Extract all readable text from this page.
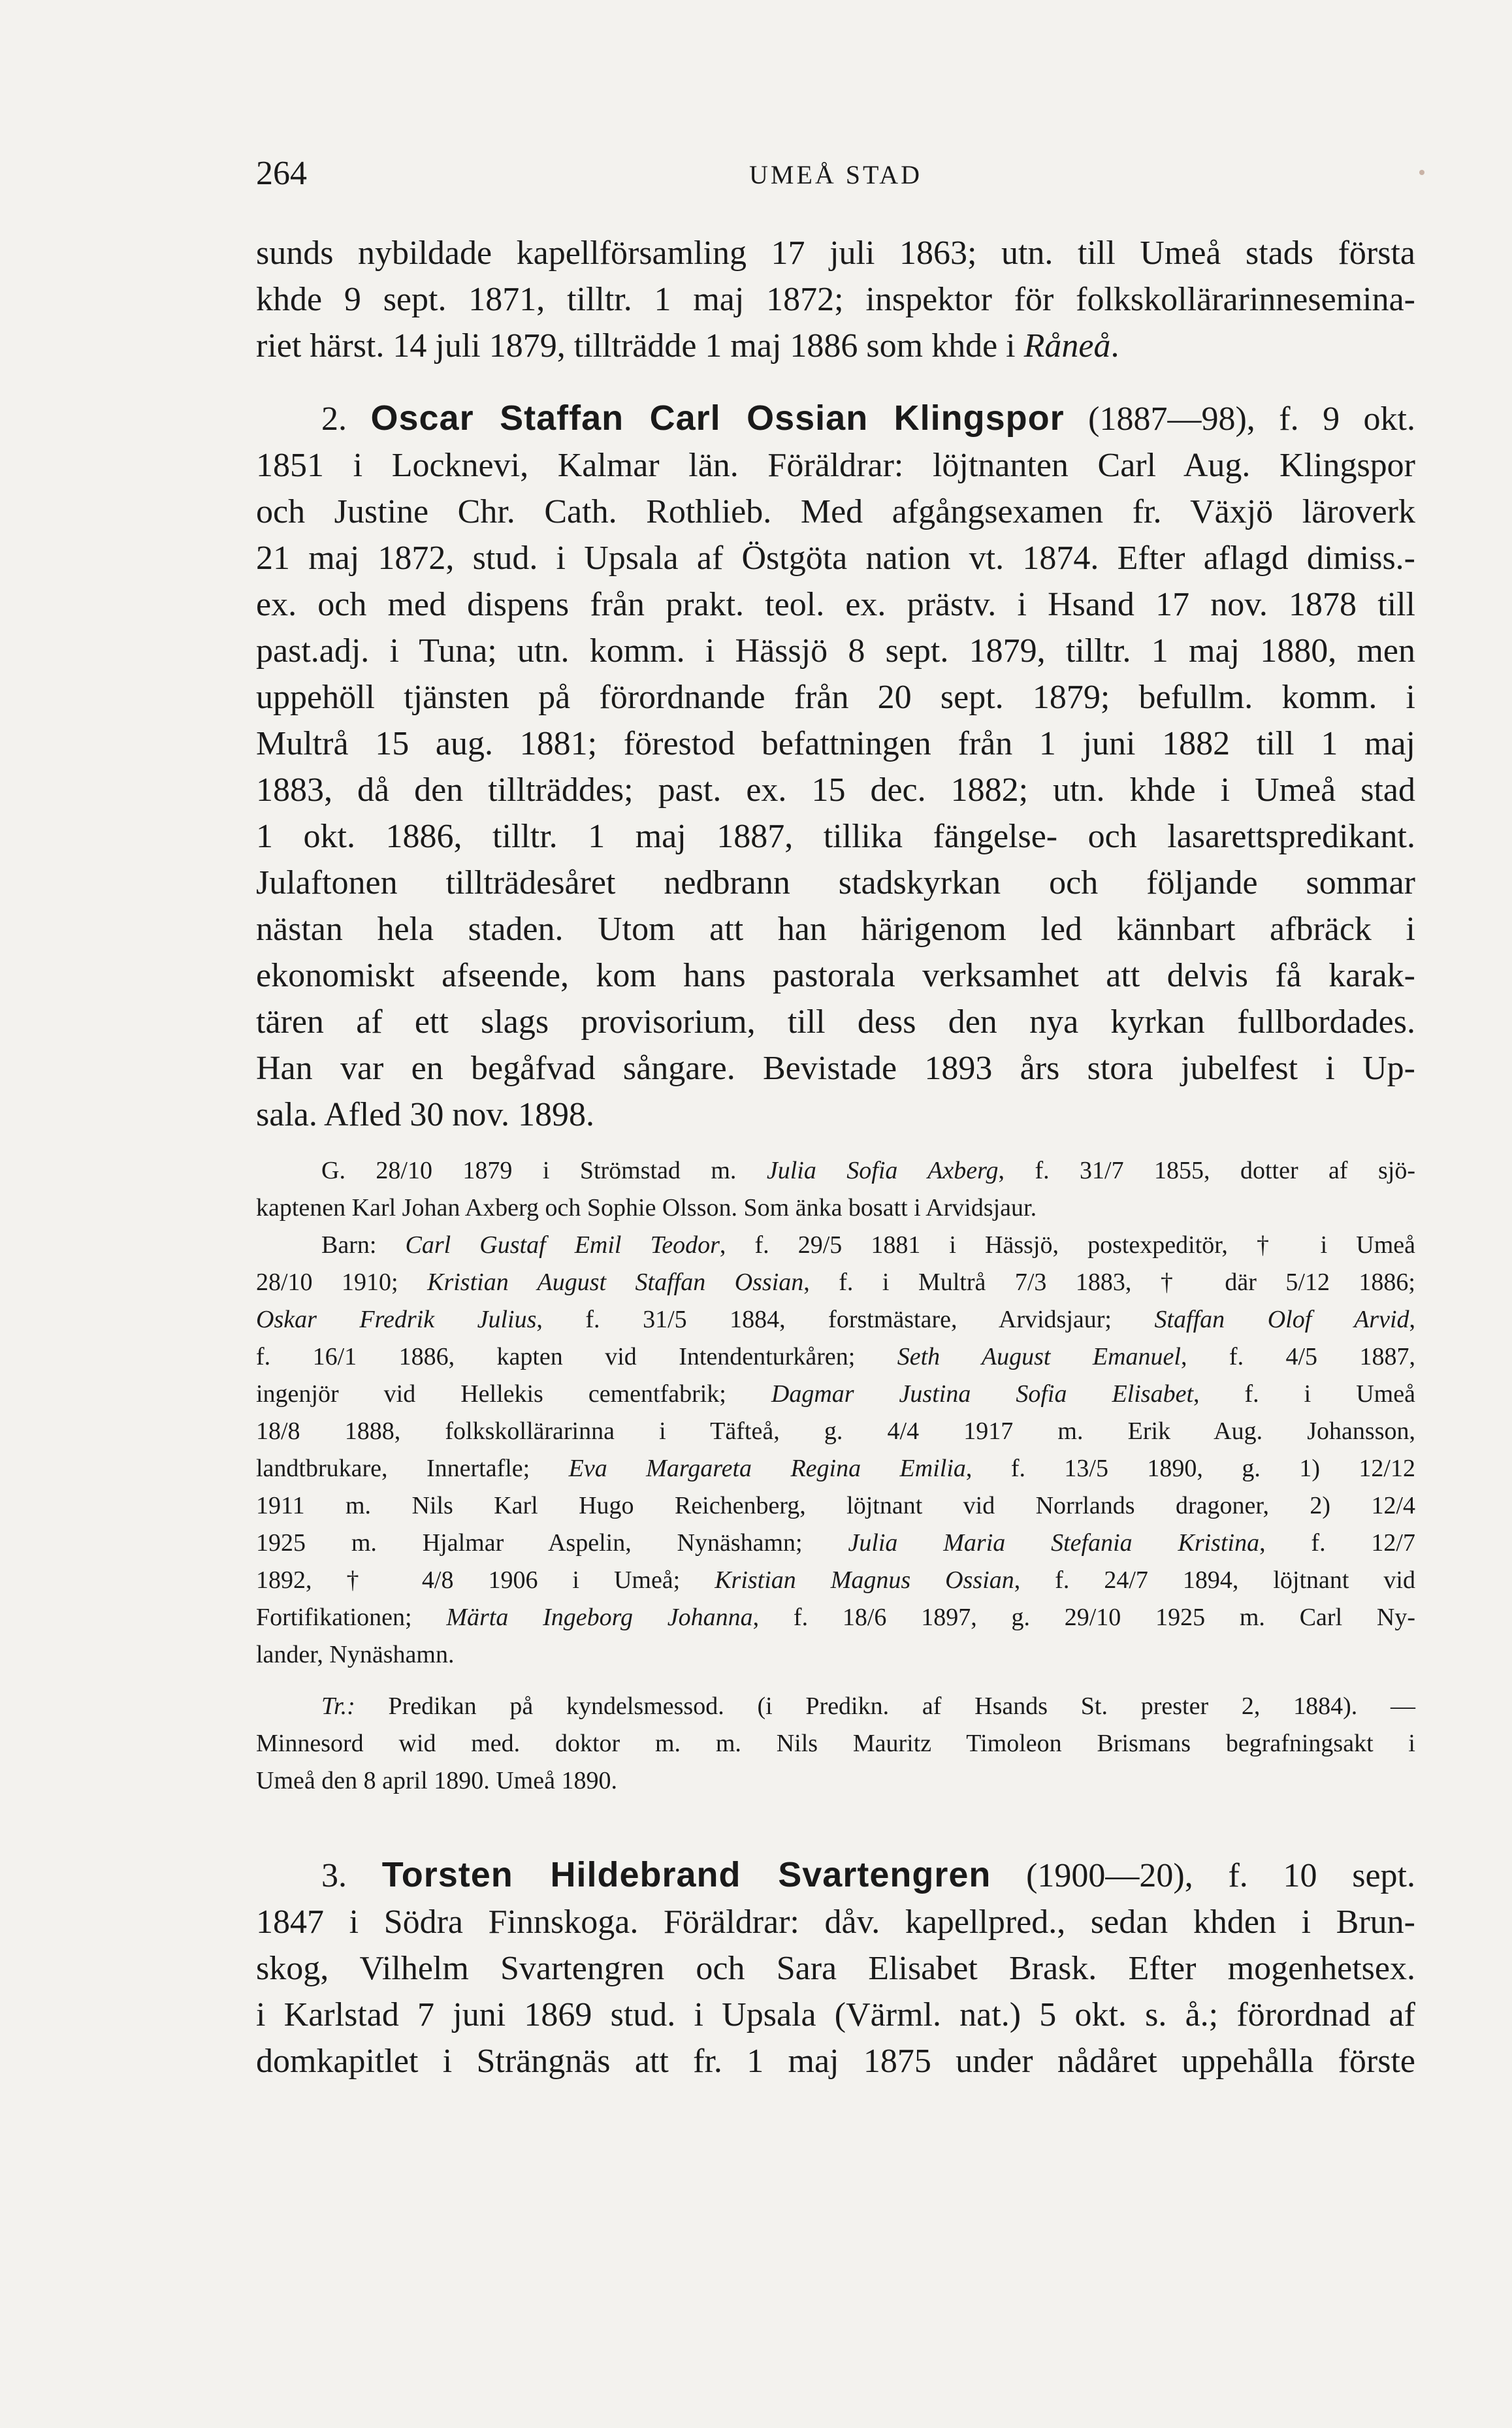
264	UMEÅ STAD

sunds nybildade kapellförsamling 17 juli 1863; utn. till Umeå stads första

khde 9 sept. 1871, tilltr. 1 maj 1872; inspektor för folkskollärarinnesemina-

riet härst. 14 juli 1879, tillträdde 1 maj 1886 som khde i Råneå.

2. Oscar Staffan Carl Ossian Klingspor (1887—98), f. 9 okt.

1851 i Locknevi, Kalmar län. Föräldrar: löjtnanten Carl Aug. Klingspor

och Justine Chr. Cath. Rothlieb. Med afgångsexamen fr. Växjö läroverk

21 maj 1872, stud. i Upsala af Östgöta nation vt. 1874. Efter aflagd dimiss.-

ex. och med dispens från prakt. teol. ex. prästv. i Hsand 17 nov. 1878 till

past.adj. i Tuna; utn. komm. i Hässjö 8 sept. 1879, tilltr. 1 maj 1880, men

uppehöll tjänsten på förordnande från 20 sept. 1879; befullm. komm. i

Multrå 15 aug. 1881; förestod befattningen från 1 juni 1882 till 1 maj

1883, då den tillträddes; past. ex. 15 dec. 1882; utn. khde i Umeå stad

1 okt. 1886, tilltr. 1 maj 1887, tillika fängelse- och lasarettspredikant.

Julaftonen tillträdesåret nedbrann stadskyrkan och följande sommar

nästan hela staden. Utom att han härigenom led kännbart afbräck i

ekonomiskt afseende, kom hans pastorala verksamhet att delvis få karak-

tären af ett slags provisorium, till dess den nya kyrkan fullbordades.

Han var en begåfvad sångare. Bevistade 1893 års stora jubelfest i Up-

sala. Afled 30 nov. 1898.

G. 28/10 1879 i Strömstad m. Julia Sofia Axberg, f. 31/7 1855, dotter af sjö-

kaptenen Karl Johan Axberg och Sophie Olsson. Som änka bosatt i Arvidsjaur.

Barn: Carl Gustaf Emil Teodor, f. 29/5 1881 i Hässjö, postexpeditör, † i Umeå

28/10 1910; Kristian August Staffan Ossian, f. i Multrå 7/3 1883, † där 5/12 1886;

Oskar Fredrik Julius, f. 31/5 1884, forstmästare, Arvidsjaur; Staffan Olof Arvid,

f. 16/1 1886, kapten vid Intendenturkåren; Seth August Emanuel, f. 4/5 1887,

ingenjör vid Hellekis cementfabrik; Dagmar Justina Sofia Elisabet, f. i Umeå

18/8 1888, folkskollärarinna i Täfteå, g. 4/4 1917 m. Erik Aug. Johansson,

landtbrukare, Innertafle; Eva Margareta Regina Emilia, f. 13/5 1890, g. 1) 12/12

1911 m. Nils Karl Hugo Reichenberg, löjtnant vid Norrlands dragoner, 2) 12/4

1925 m. Hjalmar Aspelin, Nynäshamn; Julia Maria Stefania Kristina, f. 12/7

1892, † 4/8 1906 i Umeå; Kristian Magnus Ossian, f. 24/7 1894, löjtnant vid

Fortifikationen; Märta Ingeborg Johanna, f. 18/6 1897, g. 29/10 1925 m. Carl Ny-

lander, Nynäshamn.

Tr.: Predikan på kyndelsmessod. (i Predikn. af Hsands St. prester 2, 1884). —

Minnesord wid med. doktor m. m. Nils Mauritz Timoleon Brismans begrafningsakt i

Umeå den 8 april 1890. Umeå 1890.

3. Torsten Hildebrand Svartengren (1900—20), f. 10 sept.

1847 i Södra Finnskoga. Föräldrar: dåv. kapellpred., sedan khden i Brun-

skog, Vilhelm Svartengren och Sara Elisabet Brask. Efter mogenhetsex.

i Karlstad 7 juni 1869 stud. i Upsala (Värml. nat.) 5 okt. s. å.; förordnad af

domkapitlet i Strängnäs att fr. 1 maj 1875 under nådåret uppehålla förste
